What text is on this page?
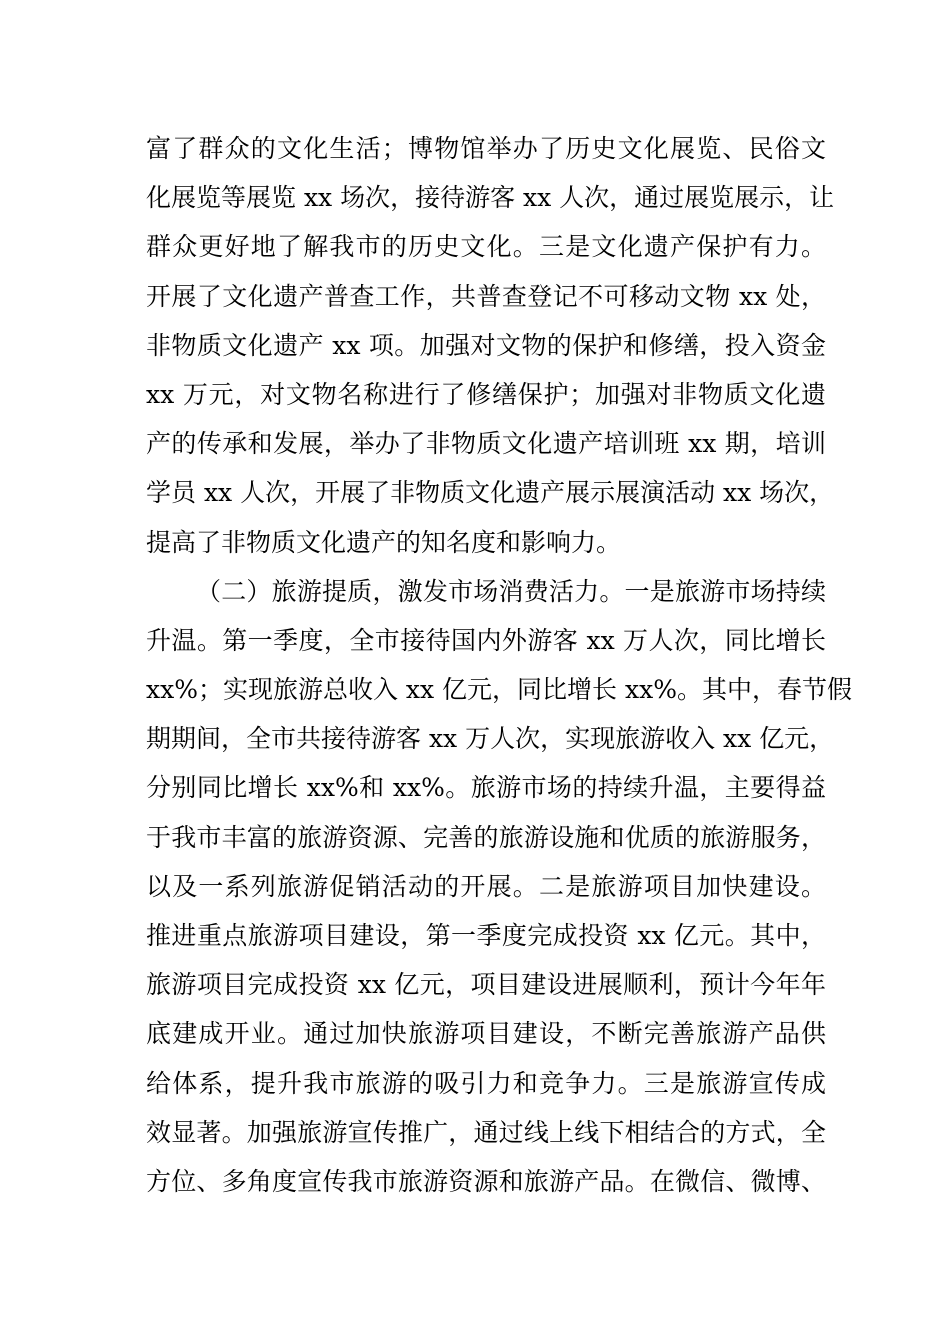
富了群众的文化生活；博物馆举办了历史文化展览、民俗文
化展览等展览 xx 场次，接待游客 xx 人次，通过展览展示，让
群众更好地了解我市的历史文化。三是文化遗产保护有力。
开展了文化遗产普查工作，共普查登记不可移动文物 xx 处，
非物质文化遗产 xx 项。加强对文物的保护和修缮，投入资金
xx 万元，对文物名称进行了修缮保护；加强对非物质文化遗
产的传承和发展，举办了非物质文化遗产培训班 xx 期，培训
学员 xx 人次，开展了非物质文化遗产展示展演活动 xx 场次，
提高了非物质文化遗产的知名度和影响力。
（二）旅游提质，激发市场消费活力。一是旅游市场持续
升温。第一季度，全市接待国内外游客 xx 万人次，同比增长
xx%；实现旅游总收入 xx 亿元，同比增长 xx%。其中，春节假
期期间，全市共接待游客 xx 万人次，实现旅游收入 xx 亿元，
分别同比增长 xx%和 xx%。旅游市场的持续升温，主要得益
于我市丰富的旅游资源、完善的旅游设施和优质的旅游服务，
以及一系列旅游促销活动的开展。二是旅游项目加快建设。
推进重点旅游项目建设，第一季度完成投资 xx 亿元。其中，
旅游项目完成投资 xx 亿元，项目建设进展顺利，预计今年年
底建成开业。通过加快旅游项目建设，不断完善旅游产品供
给体系，提升我市旅游的吸引力和竞争力。三是旅游宣传成
效显著。加强旅游宣传推广，通过线上线下相结合的方式，全
方位、多角度宣传我市旅游资源和旅游产品。在微信、微博、
